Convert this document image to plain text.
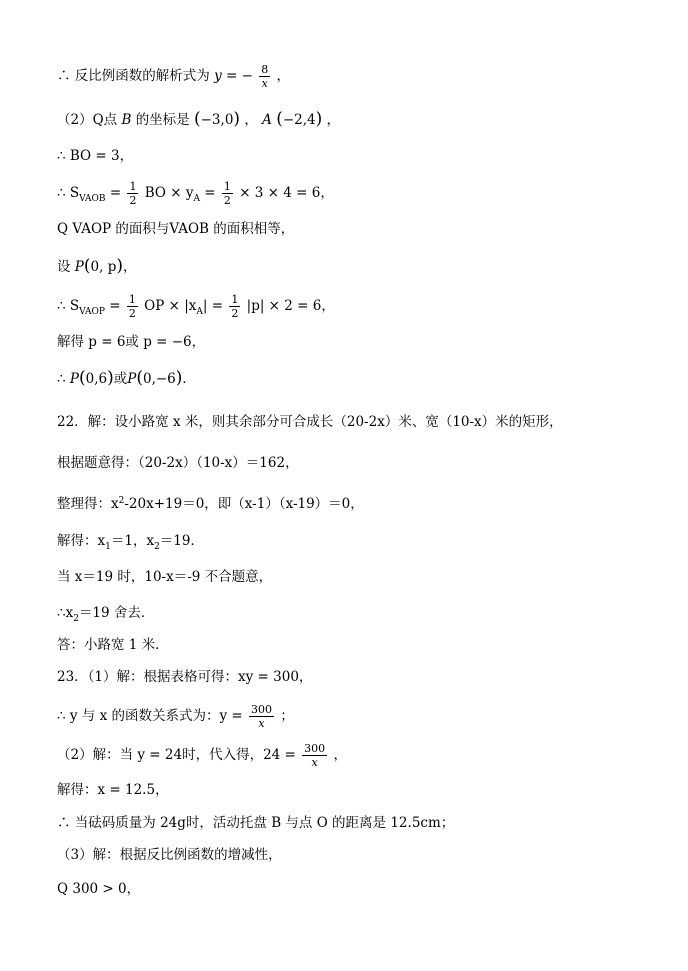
∴ 反比例函数的解析式为 y = − $\frac{8}{x}$ ，
（2）Q点 B 的坐标是 (−3,0) ， A (−2,4) ，
∴ BO = 3，
∴ $S_{VAOB} = \frac{1}{2}$ BO × $y_A = \frac{1}{2} \times 3 \times 4 = 6$，
Q VAOP 的面积与VAOB 的面积相等，
设 P(0, p)，
∴ $S_{VAOP} = \frac{1}{2}$ OP × $|x_A| = \frac{1}{2} |p| \times 2 = 6$，
解得 p = 6或 p = −6，
∴ P(0,6)或P(0,−6)．
22．解：设小路宽 x 米，则其余部分可合成长（20-2x）米、宽（10-x）米的矩形，
根据题意得：（20-2x）（10-x）＝162，
整理得：$x^2-20x+19=0$，即（x-1）（x-19）＝0，
解得：$x_1=1$，$x_2=19$．
当 x＝19 时，10-x＝-9 不合题意，
$\therefore x_2=19$ 舍去．
答：小路宽 1 米．
23．（1）解：根据表格可得：xy = 300，
∴ y 与 x 的函数关系式为：$y = \frac{300}{x}$ ；
（2）解：当 y = 24时，代入得，$24 = \frac{300}{x}$ ，
解得：x = 12.5，
∴ 当砝码质量为 24g时，活动托盘 B 与点 O 的距离是 12.5cm；
（3）解：根据反比例函数的增减性，
Q 300 > 0，
